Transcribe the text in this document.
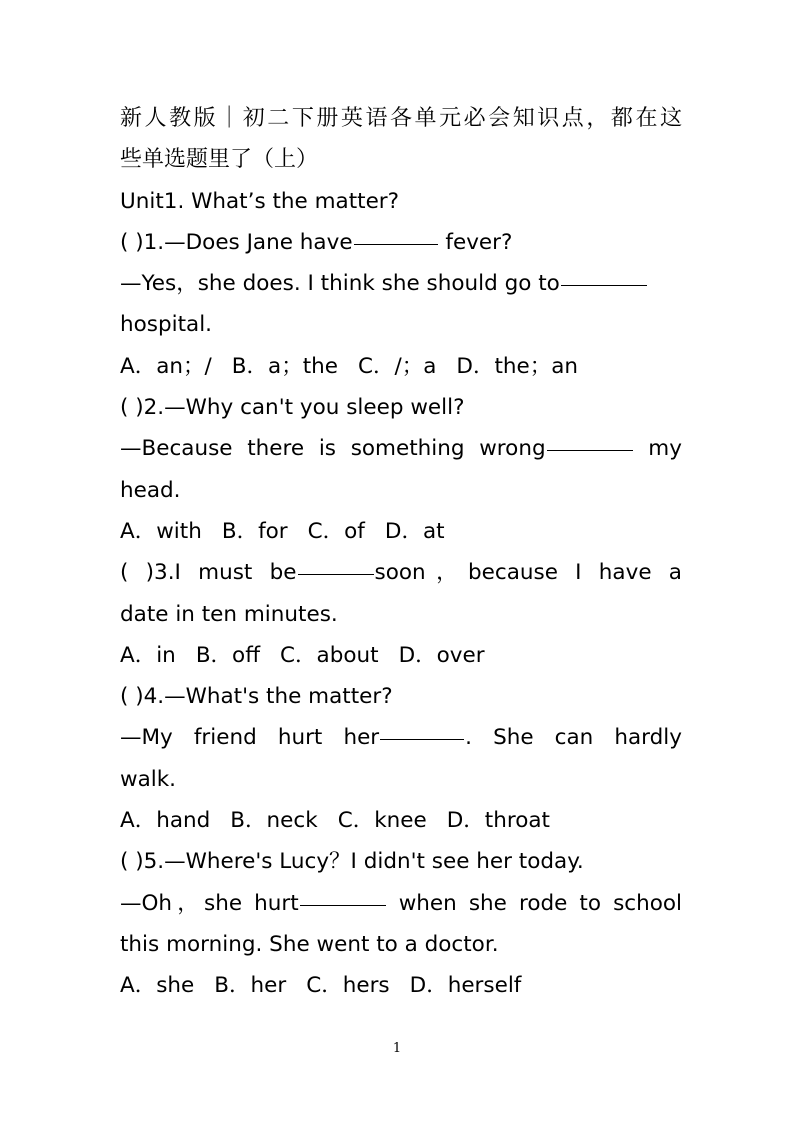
新人教版｜初二下册英语各单元必会知识点，都在这
些单选题里了（上）
Unit1. What’s the matter?
( )1.—Does Jane have	fever?
—Yes，she does. I think she should go to
hospital.
A．an；/ B．a；the C．/；a D．the；an
( )2.—Why can't you sleep well?
—Because there is something wrong	my
head.
A．with B．for C．of D．at
( )3.I must be	soon，because I have a
date in ten minutes.
A．in B．off C．about D．over
( )4.—What's the matter?
—My friend hurt her	. She can hardly
walk.
A．hand B．neck C．knee D．throat
( )5.—Where's Lucy？I didn't see her today.
—Oh，she hurt	when she rode to school
this morning. She went to a doctor.
A．she B．her C．hers D．herself
1
